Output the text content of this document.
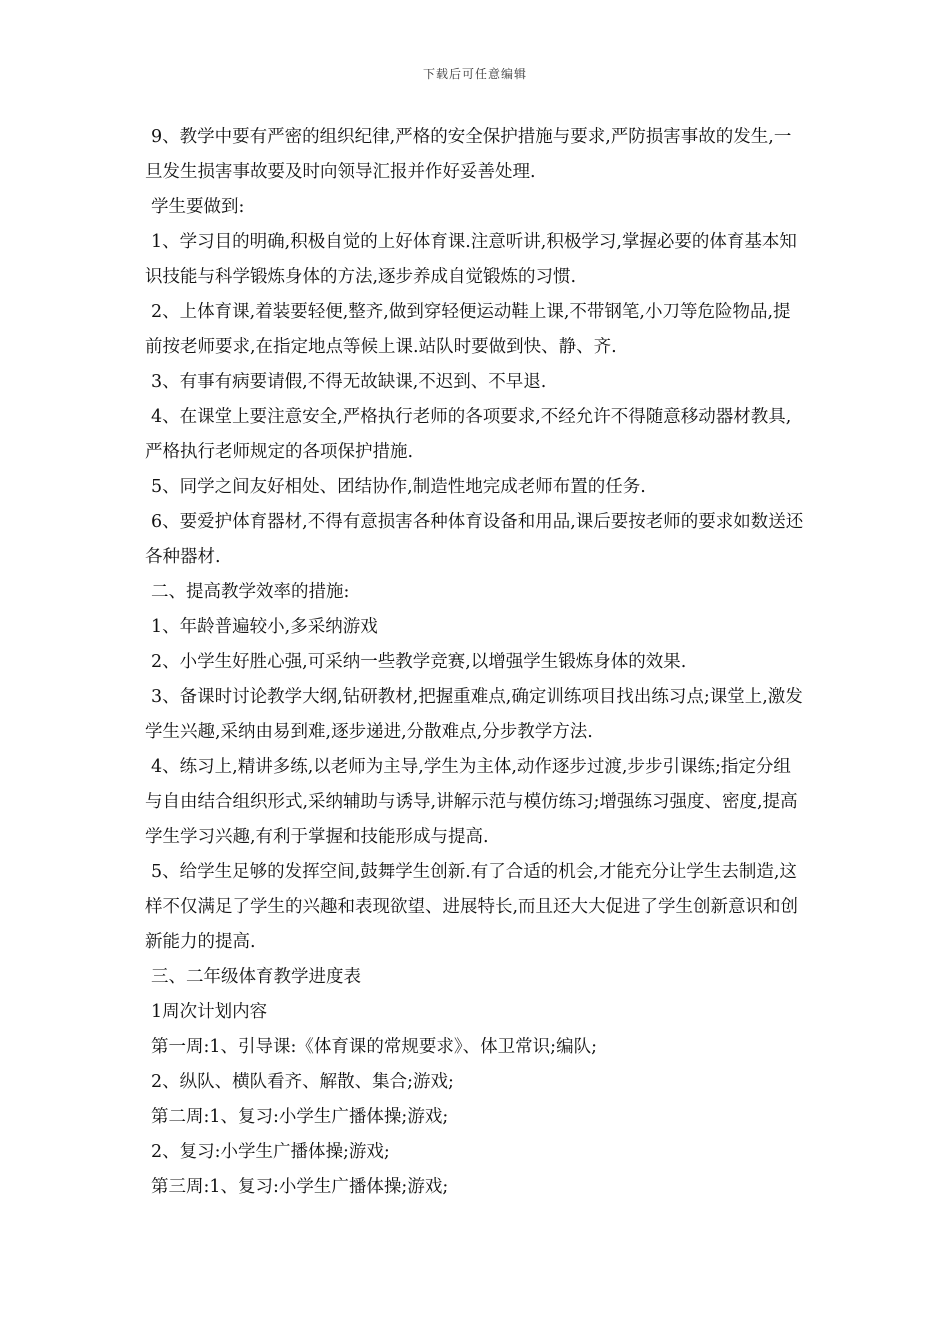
下载后可任意编辑

9、教学中要有严密的组织纪律,严格的安全保护措施与要求,严防损害事故的发生,一旦发生损害事故要及时向领导汇报并作好妥善处理.

学生要做到:

1、学习目的明确,积极自觉的上好体育课.注意听讲,积极学习,掌握必要的体育基本知识技能与科学锻炼身体的方法,逐步养成自觉锻炼的习惯.

2、上体育课,着装要轻便,整齐,做到穿轻便运动鞋上课,不带钢笔,小刀等危险物品,提前按老师要求,在指定地点等候上课.站队时要做到快、静、齐.

3、有事有病要请假,不得无故缺课,不迟到、不早退.

4、在课堂上要注意安全,严格执行老师的各项要求,不经允许不得随意移动器材教具,严格执行老师规定的各项保护措施.

5、同学之间友好相处、团结协作,制造性地完成老师布置的任务.

6、要爱护体育器材,不得有意损害各种体育设备和用品,课后要按老师的要求如数送还各种器材.

二、提高教学效率的措施:

1、年龄普遍较小,多采纳游戏

2、小学生好胜心强,可采纳一些教学竞赛,以增强学生锻炼身体的效果.

3、备课时讨论教学大纲,钻研教材,把握重难点,确定训练项目找出练习点;课堂上,激发学生兴趣,采纳由易到难,逐步递进,分散难点,分步教学方法.

4、练习上,精讲多练,以老师为主导,学生为主体,动作逐步过渡,步步引课练;指定分组与自由结合组织形式,采纳辅助与诱导,讲解示范与模仿练习;增强练习强度、密度,提高学生学习兴趣,有利于掌握和技能形成与提高.

5、给学生足够的发挥空间,鼓舞学生创新.有了合适的机会,才能充分让学生去制造,这样不仅满足了学生的兴趣和表现欲望、进展特长,而且还大大促进了学生创新意识和创新能力的提高.

三、二年级体育教学进度表

1周次计划内容

第一周:1、引导课:《体育课的常规要求》、体卫常识;编队;

2、纵队、横队看齐、解散、集合;游戏;

第二周:1、复习:小学生广播体操;游戏;

2、复习:小学生广播体操;游戏;

第三周:1、复习:小学生广播体操;游戏;
